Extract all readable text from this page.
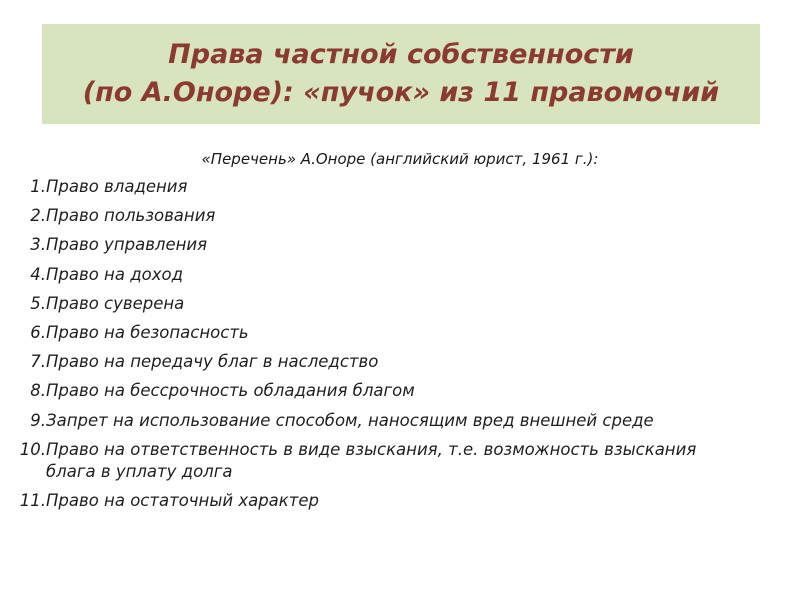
Права частной собственности
(по А.Оноре): «пучок» из 11 правомочий
«Перечень» А.Оноре (английский юрист, 1961 г.):
1. Право владения
2. Право пользования
3. Право управления
4. Право на доход
5. Право суверена
6. Право на безопасность
7. Право на передачу благ в наследство
8. Право на бессрочность обладания благом
9. Запрет на использование способом, наносящим вред внешней среде
10. Право на ответственность в виде взыскания, т.е. возможность взыскания блага в уплату долга
11. Право на остаточный характер
